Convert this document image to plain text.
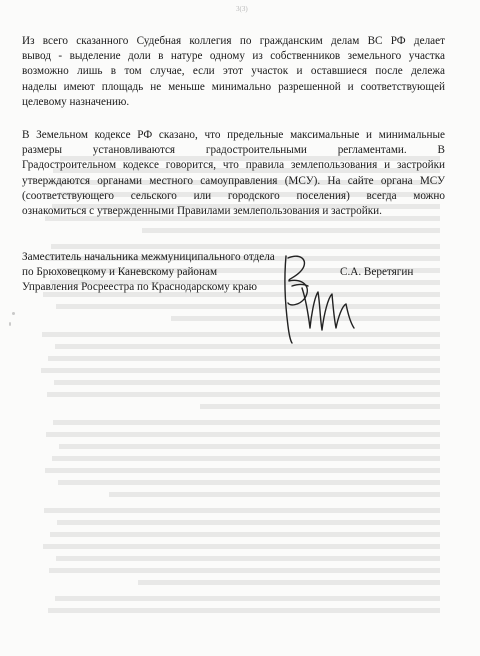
3(3)
Из всего сказанного Судебная коллегия по гражданским делам ВС РФ делает
вывод - выделение доли в натуре одному из собственников земельного участка
возможно лишь в том случае, если этот участок и оставшиеся после дележа
наделы имеют площадь не меньше минимально разрешенной и соответствующей
целевому назначению.
В Земельном кодексе РФ сказано, что предельные максимальные и минимальные
размеры установливаются градостроительными регламентами. В
Градостроительном кодексе говорится, что правила землепользования и застройки
утверждаются органами местного самоуправления (МСУ). На сайте органа МСУ
(соответствующего сельского или городского поселения) всегда можно
ознакомиться с утвержденными Правилами землепользования и застройки.
Заместитель начальника межмуниципального отдела
по Брюховецкому и Каневскому районам
Управления Росреестра по Краснодарскому краю
С.А. Веретягин
